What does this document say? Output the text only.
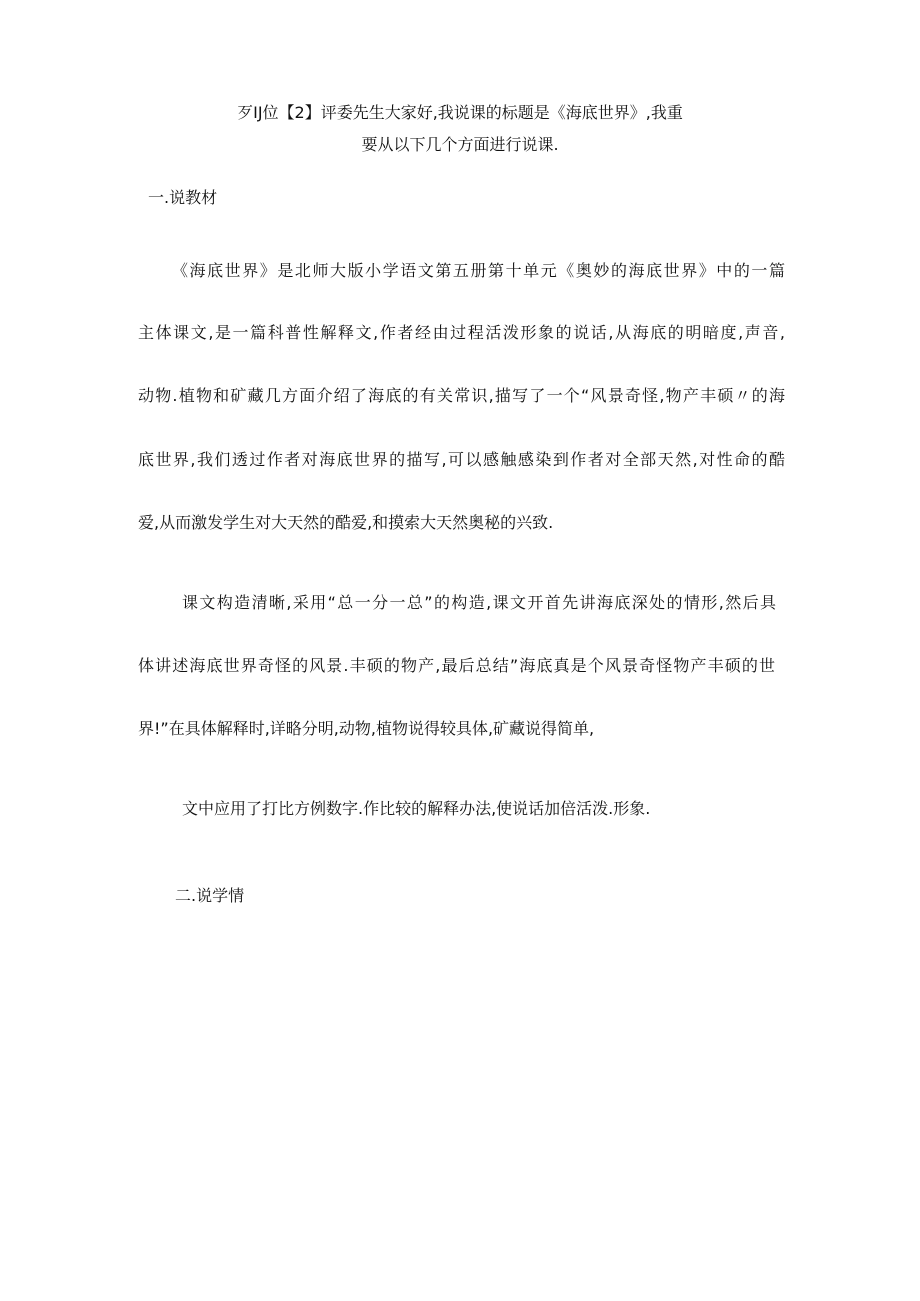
歹IJ位【2】评委先生大家好,我说课的标题是《海底世界》,我重
要从以下几个方面进行说课.
一.说教材
《海底世界》是北师大版小学语文第五册第十单元《奥妙的海底世界》中的一篇
主体课文,是一篇科普性解释文,作者经由过程活泼形象的说话,从海底的明暗度,声音,
动物.植物和矿藏几方面介绍了海底的有关常识,描写了一个“风景奇怪,物产丰硕〃的海
底世界,我们透过作者对海底世界的描写,可以感触感染到作者对全部天然,对性命的酷
爱,从而激发学生对大天然的酷爱,和摸索大天然奥秘的兴致.
课文构造清晰,采用“总一分一总”的构造,课文开首先讲海底深处的情形,然后具
体讲述海底世界奇怪的风景.丰硕的物产,最后总结”海底真是个风景奇怪物产丰硕的世
界!”在具体解释时,详略分明,动物,植物说得较具体,矿藏说得简单,
文中应用了打比方例数字.作比较的解释办法,使说话加倍活泼.形象.
二.说学情
